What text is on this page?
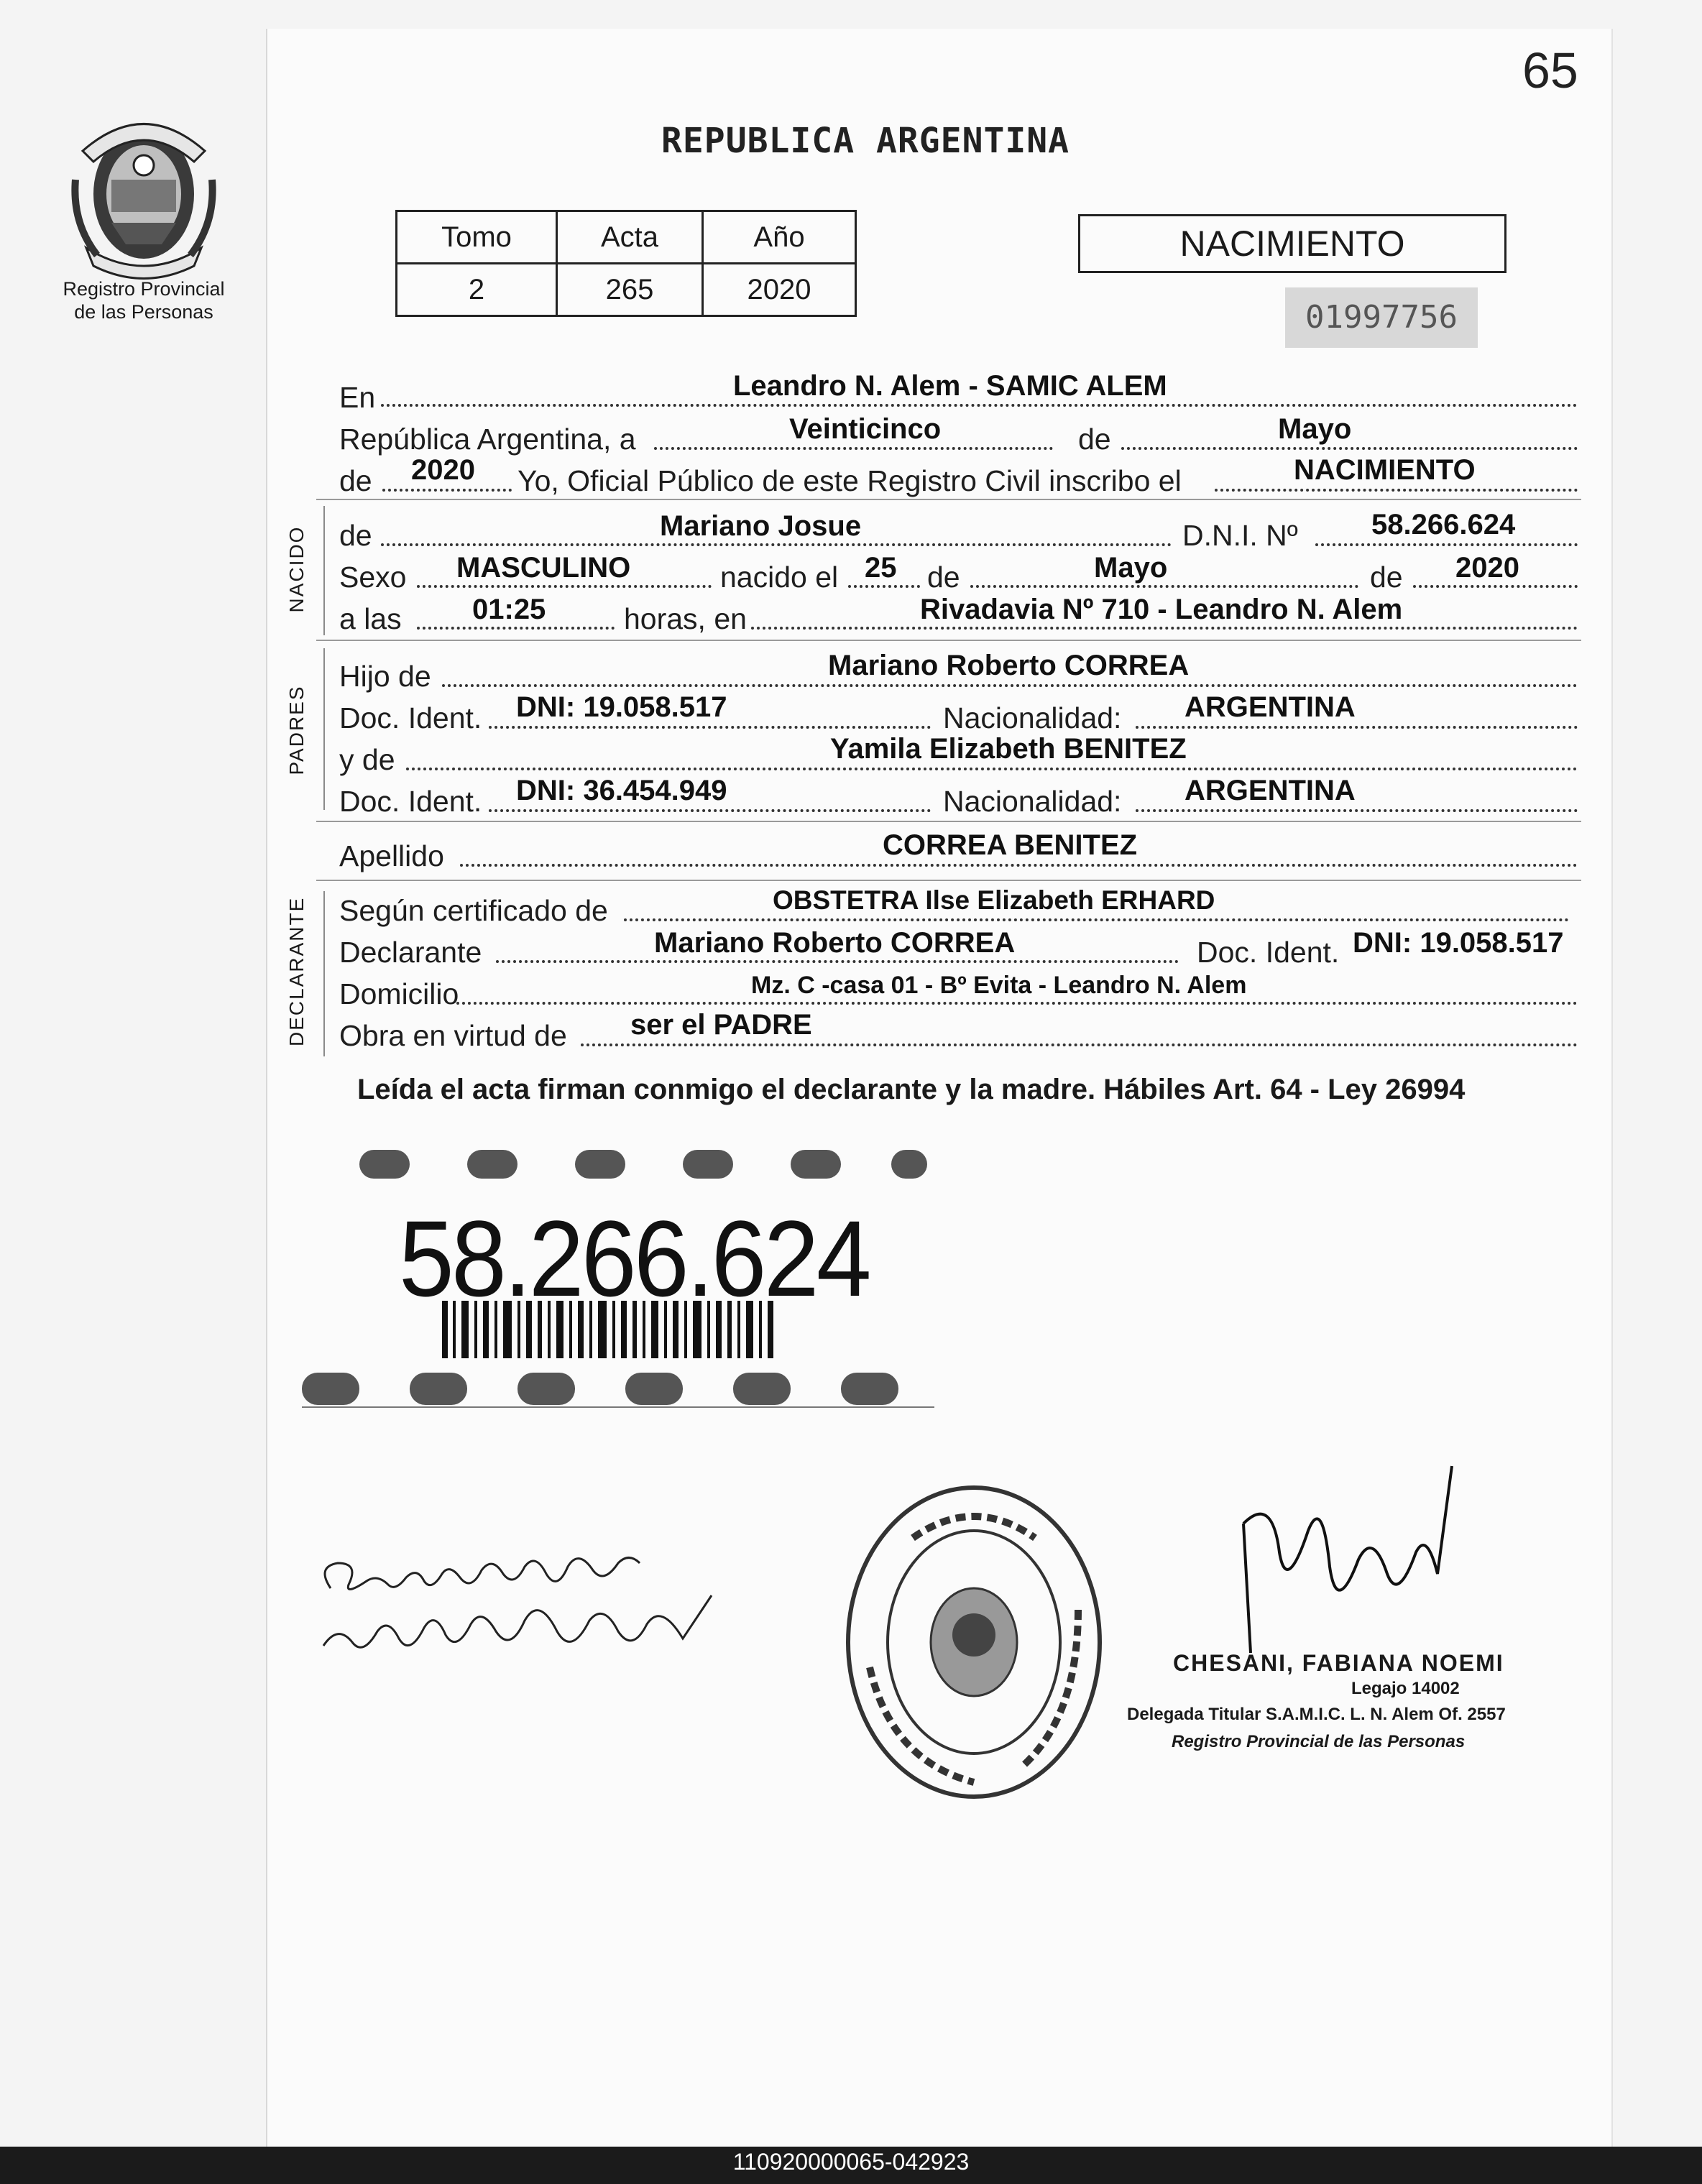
Registro Provincial
de las Personas
65
REPUBLICA ARGENTINA
Tomo	Acta	Año
2	265	2020
NACIMIENTO
01997756
En	Leandro N. Alem - SAMIC ALEM
República Argentina, a	Veinticinco	de	Mayo
de 2020 Yo, Oficial Público de este Registro Civil inscribo el	NACIMIENTO
NACIDO de	Mariano Josue	D.N.I. Nº	58.266.624
Sexo MASCULINO	nacido el 25 de	Mayo	de 2020
a las 01:25	horas, en	Rivadavia Nº 710 - Leandro N. Alem
PADRES
Hijo de	Mariano Roberto CORREA
Doc. Ident. DNI: 19.058.517	Nacionalidad: ARGENTINA
y de	Yamila Elizabeth BENITEZ
Doc. Ident. DNI: 36.454.949	Nacionalidad: ARGENTINA
Apellido	CORREA BENITEZ
DECLARANTE Según certificado de	OBSTETRA Ilse Elizabeth ERHARD
Declarante	Mariano Roberto CORREA	Doc. Ident. DNI: 19.058.517
Domicilio	Mz. C -casa 01 - Bº Evita - Leandro N. Alem
Obra en virtud de ser el PADRE
Leída el acta firman conmigo el declarante y la madre. Hábiles Art. 64 - Ley 26994
58.266.624
CHESANI, FABIANA NOEMI
Legajo 14002
Delegada Titular S.A.M.I.C. L. N. Alem Of. 2557
Registro Provincial de las Personas
110920000065-042923
